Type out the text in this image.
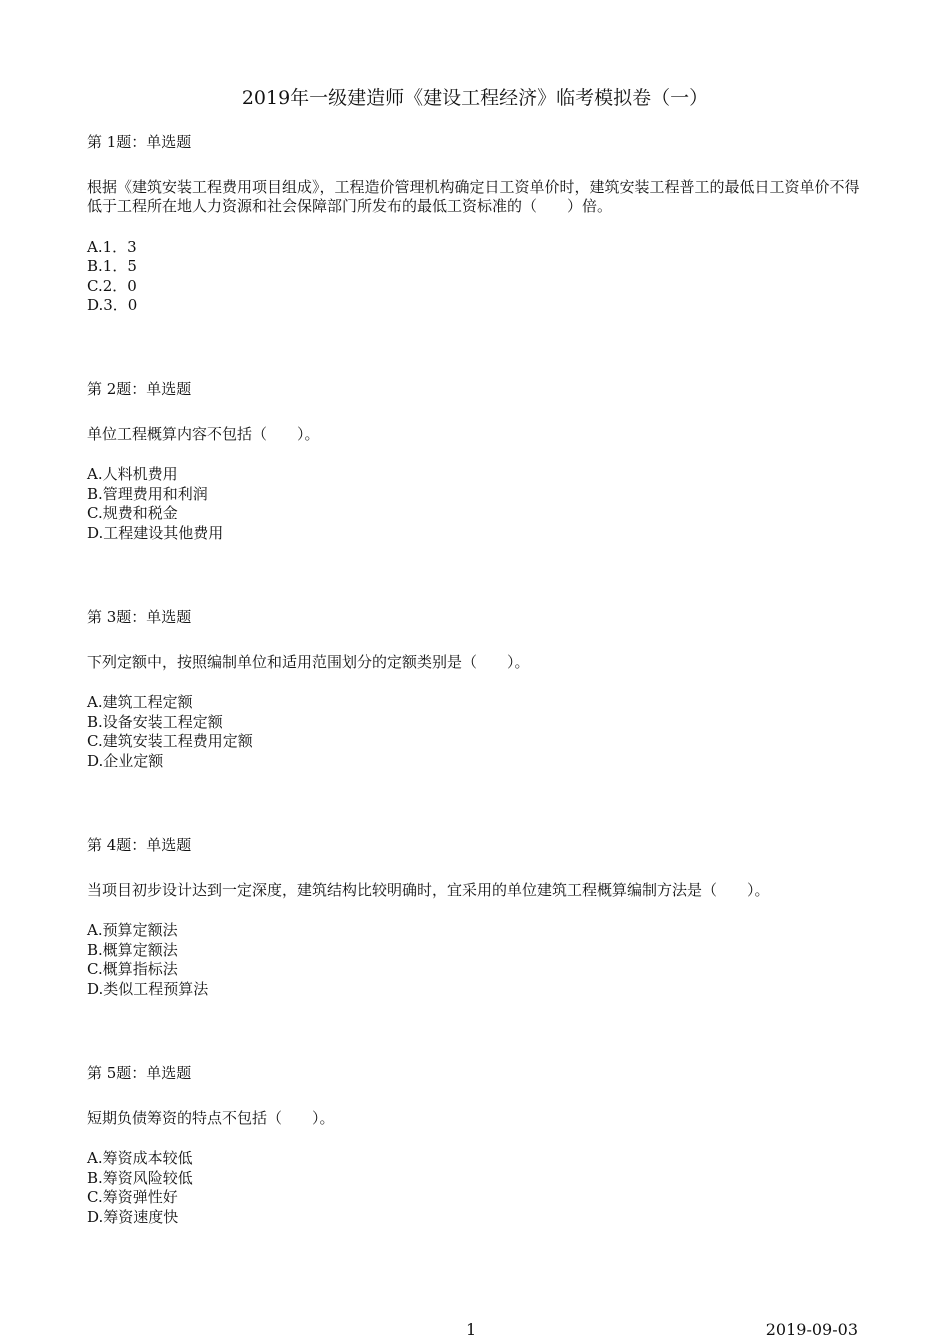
2019年一级建造师《建设工程经济》临考模拟卷（一）

第 1题：单选题

根据《建筑安装工程费用项目组成》，工程造价管理机构确定日工资单价时，建筑安装工程普工的最低日工资单价不得低于工程所在地人力资源和社会保障部门所发布的最低工资标准的（　　）倍。

A.1．3
B.1．5
C.2．0
D.3．0

第 2题：单选题

单位工程概算内容不包括（　　）。

A.人料机费用
B.管理费用和利润
C.规费和税金
D.工程建设其他费用

第 3题：单选题

下列定额中，按照编制单位和适用范围划分的定额类别是（　　）。

A.建筑工程定额
B.设备安装工程定额
C.建筑安装工程费用定额
D.企业定额

第 4题：单选题

当项目初步设计达到一定深度，建筑结构比较明确时，宜采用的单位建筑工程概算编制方法是（　　）。

A.预算定额法
B.概算定额法
C.概算指标法
D.类似工程预算法

第 5题：单选题

短期负债筹资的特点不包括（　　）。

A.筹资成本较低
B.筹资风险较低
C.筹资弹性好
D.筹资速度快
1	2019-09-03
